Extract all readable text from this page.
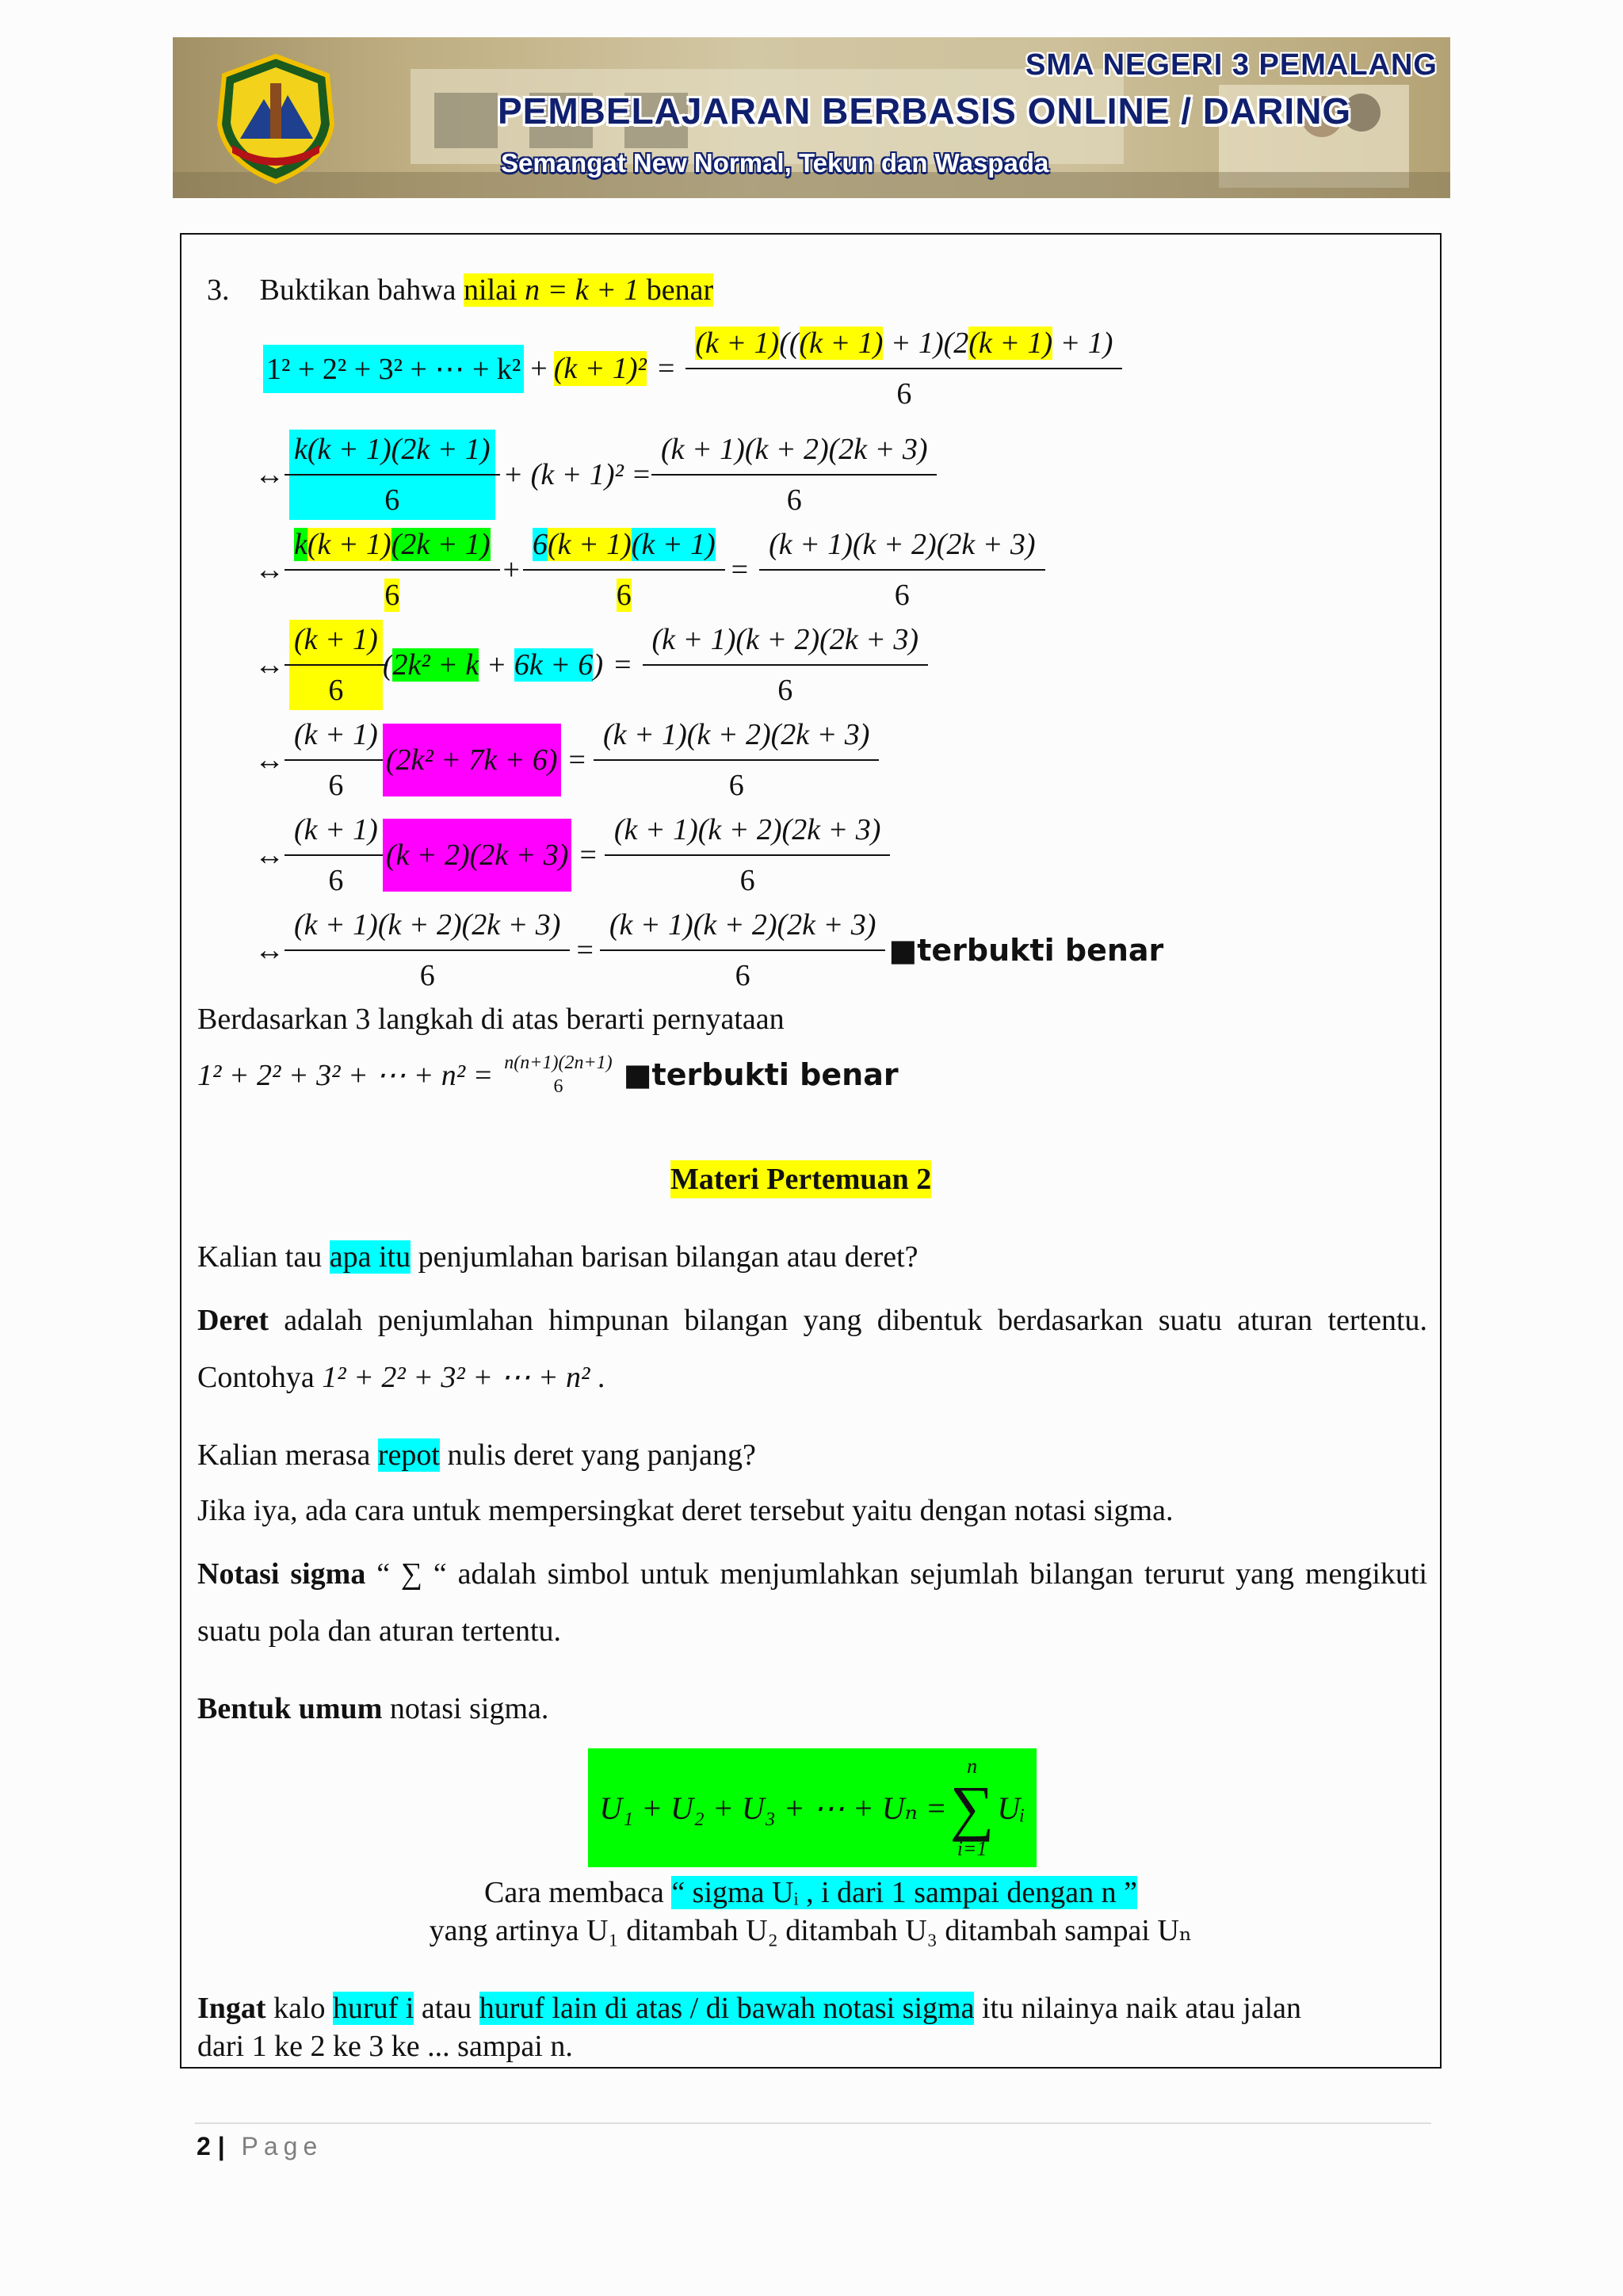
SMA NEGERI 3 PEMALANG
PEMBELAJARAN BERBASIS ONLINE / DARING
Semangat New Normal, Tekun dan Waspada
3. Buktikan bahwa nilai n = k + 1 benar
1² + 2² + 3² + ⋯ + $k^2 + (k + 1)^2 = \frac{(k + 1)(((k + 1) + 1)(2(k + 1) + 1)}{6}$
↔ $\frac{k(k + 1)(2k + 1)}{6} + (k + 1)^2 = \frac{(k + 1)(k + 2)(2k + 3)}{6}$
↔ $\frac{k(k + 1)(2k + 1)}{6} + \frac{6(k + 1)(k + 1)}{6} = \frac{(k + 1)(k + 2)(2k + 3)}{6}$
↔ $\frac{(k + 1)}{6} (2k^2 + k + 6k + 6) = \frac{(k + 1)(k + 2)(2k + 3)}{6}$
↔ $\frac{(k + 1)}{6} (2k^2 + 7k + 6) = \frac{(k + 1)(k + 2)(2k + 3)}{6}$
↔ $\frac{(k + 1)}{6} (k + 2)(2k + 3) = \frac{(k + 1)(k + 2)(2k + 3)}{6}$
↔ $\frac{(k + 1)(k + 2)(2k + 3)}{6} = \frac{(k + 1)(k + 2)(2k + 3)}{6}$ ■terbukti benar
Berdasarkan 3 langkah di atas berarti pernyataan
1² + 2² + 3² + ⋯ + n² = n(n+1)(2n+1)
6	■terbukti benar
Materi Pertemuan 2
Kalian tau apa itu penjumlahan barisan bilangan atau deret?
Deret adalah penjumlahan himpunan bilangan yang dibentuk berdasarkan suatu aturan tertentu. Contohya 1² + 2² + 3² + ⋯ + n² .
Kalian merasa repot nulis deret yang panjang?
Jika iya, ada cara untuk mempersingkat deret tersebut yaitu dengan notasi sigma.
Notasi sigma “ ∑ “ adalah simbol untuk menjumlahkan sejumlah bilangan terurut yang mengikuti suatu pola dan aturan tertentu.
Bentuk umum notasi sigma.
U₁ + U₂ + U₃ + ⋯ + Uₙ =
n
∑
i=1
Uᵢ
Cara membaca “ sigma Uᵢ , i dari 1 sampai dengan n ”
yang artinya U₁ ditambah U₂ ditambah U₃ ditambah sampai Uₙ
Ingat kalo huruf i atau huruf lain di atas / di bawah notasi sigma itu nilainya naik atau jalan
dari 1 ke 2 ke 3 ke ... sampai n.
2 | Page
